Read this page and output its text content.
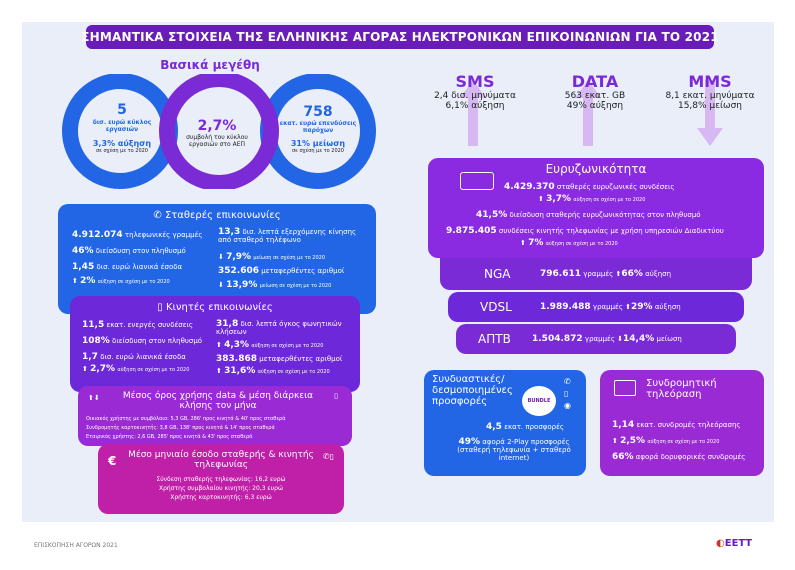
ΣΗΜΑΝΤΙΚΑ ΣΤΟΙΧΕΙΑ ΤΗΣ ΕΛΛΗΝΙΚΗΣ ΑΓΟΡΑΣ ΗΛΕΚΤΡΟΝΙΚΩΝ ΕΠΙΚΟΙΝΩΝΙΩΝ ΓΙΑ ΤΟ 2021
Βασικά μεγέθη
5
δισ. ευρώ κύκλος εργασιών
3,3% αύξηση
σε σχέση με το 2020
2,7%
συμβολή του κύκλου εργασιών στο ΑΕΠ
758
εκατ. ευρώ επενδύσεις παρόχων
31% μείωση
σε σχέση με το 2020
SMS
2,4 δισ. μηνύματα
6,1% αύξηση
DATA
563 εκατ. GB
49% αύξηση
MMS
8,1 εκατ. μηνύματα
15,8% μείωση
✆ Σταθερές επικοινωνίες
4.912.074 τηλεφωνικές γραμμές
46% διείσδυση στον πληθυσμό
1,45 δισ. ευρώ λιανικά έσοδα
⬆ 2% αύξηση σε σχέση με το 2020
13,3 δισ. λεπτά εξερχόμενης κίνησης από σταθερό τηλέφωνο
⬇ 7,9% μείωση σε σχέση με το 2020
352.606 μεταφερθέντες αριθμοί
⬇ 13,9% μείωση σε σχέση με το 2020
▯ Κινητές επικοινωνίες
11,5 εκατ. ενεργές συνδέσεις
108% διείσδυση στον πληθυσμό
1,7 δισ. ευρώ λιανικά έσοδα
⬆ 2,7% αύξηση σε σχέση με το 2020
31,8 δισ. λεπτά όγκος φωνητικών κλήσεων
⬆ 4,3% αύξηση σε σχέση με το 2020
383.868 μεταφερθέντες αριθμοί
⬆ 31,6% αύξηση σε σχέση με το 2020
⬆⬇	▯
Μέσος όρος χρήσης data & μέση διάρκεια κλήσης τον μήνα
Οικιακός χρήστης με συμβόλαιο: 5,3 GB, 286' προς κινητά & 40' προς σταθερά
Συνδρομητής καρτοκινητής: 3,8 GB, 138' προς κινητά & 14' προς σταθερά
Εταιρικός χρήστης: 2,6 GB, 285' προς κινητά & 43' προς σταθερά
€	✆▯
Μέσο μηνιαίο έσοδο σταθερής & κινητής τηλεφωνίας
Σύνδεση σταθερής τηλεφωνίας: 16,2 ευρώ
Χρήστης συμβολαίου κινητής: 20,3 ευρώ
Χρήστης καρτοκινητής: 6,3 ευρώ
Ευρυζωνικότητα
4.429.370 σταθερές ευρυζωνικές συνδέσεις
⬆ 3,7% αύξηση σε σχέση με το 2020
41,5% διείσδυση σταθερής ευρυζωνικότητας στον πληθυσμό
9.875.405 συνδέσεις κινητής τηλεφωνίας με χρήση υπηρεσιών Διαδικτύου
⬆ 7% αύξηση σε σχέση με το 2020
NGA	796.611 γραμμές ⬆66% αύξηση
VDSL	1.989.488 γραμμές ⬆29% αύξηση
ΑΠΤΒ 1.504.872 γραμμές ⬇14,4% μείωση
Συνδυαστικές/ δεσμοποιημένες προσφορές	BUNDLE
✆
▯
◉
4,5 εκατ. προσφορές
49% αφορά 2-Play προσφορές (σταθερή τηλεφωνία + σταθερό internet)
Συνδρομητική τηλεόραση
1,14 εκατ. συνδρομές τηλεόρασης
⬆ 2,5% αύξηση σε σχέση με το 2020
66% αφορά δορυφορικές συνδρομές
ΕΠΙΣΚΟΠΗΣΗ ΑΓΟΡΩΝ 2021	◐ΕΕΤΤ
